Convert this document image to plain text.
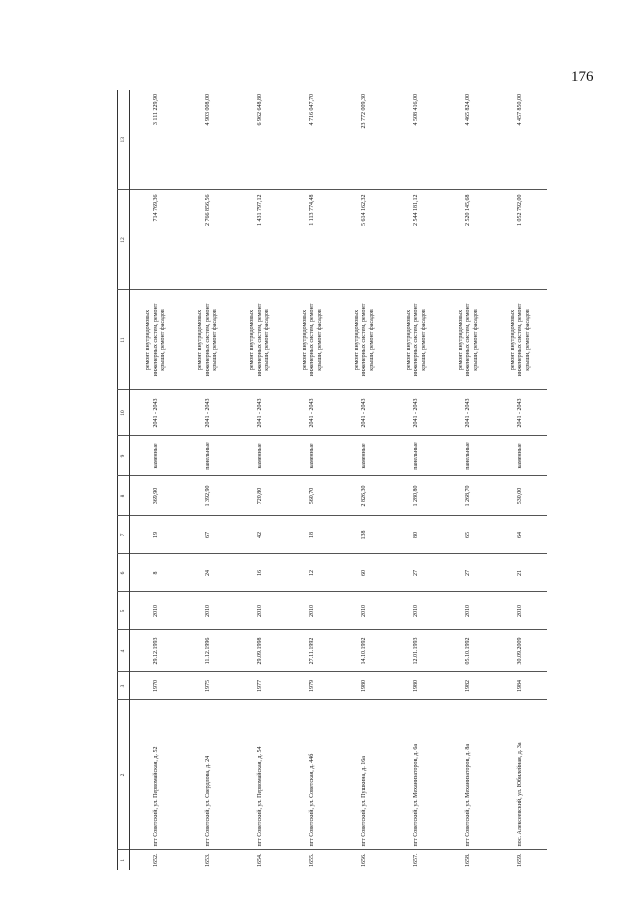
176
1	2	3	4	5	6	7	8	9	10	11	12	13
1652.	пгт Советский, ул. Первомайская, д. 52	1970	29.12.1993	2010	8	19	369,90	каменные	2041 - 2043	ремонт внутридомовых инженерных систем, ремонт крыши, ремонт фасадов	714 769,36	3 111 229,90
1653.	пгт Советский, ул. Свердлова, д. 24	1975	11.12.1996	2010	24	67	1 392,90	панельные	2041 - 2043	ремонт внутридомовых инженерных систем, ремонт крыши, ремонт фасадов	2 766 856,56	4 903 008,00
1654.	пгт Советский, ул. Первомайская, д. 54	1977	29.09.1998	2010	16	42	720,80	каменные	2041 - 2043	ремонт внутридомовых инженерных систем, ремонт крыши, ремонт фасадов	1 431 797,12	6 962 648,80
1655.	пгт Советский, ул. Советская, д. 44б	1979	27.11.1992	2010	12	18	560,70	каменные	2041 - 2043	ремонт внутридомовых инженерных систем, ремонт крыши, ремонт фасадов	1 113 774,48	4 716 047,70
1656.	пгт Советский, ул. Пушкина, д. 16а	1980	14.10.1992	2010	60	138	2 826,30	каменные	2041 - 2043	ремонт внутридомовых инженерных систем, ремонт крыши, ремонт фасадов	5 614 162,32	23 772 009,30
1657.	пгт Советский, ул. Механизаторов, д. 6а	1980	12.01.1993	2010	27	80	1 280,80	панельные	2041 - 2043	ремонт внутридомовых инженерных систем, ремонт крыши, ремонт фасадов	2 544 181,12	4 508 416,00
1658.	пгт Советский, ул. Механизаторов, д. 8а	1982	05.10.1992	2010	27	65	1 268,70	панельные	2041 - 2043	ремонт внутридомовых инженерных систем, ремонт крыши, ремонт фасадов	2 520 145,68	4 465 824,00
1659.	пос. Алексеевский, ул. Юбилейная, д. 3а	1984	30.09.2009	2010	21	64	530,00	каменные	2041 - 2043	ремонт внутридомовых инженерных систем, ремонт крыши, ремонт фасадов	1 052 792,00	4 457 850,00
